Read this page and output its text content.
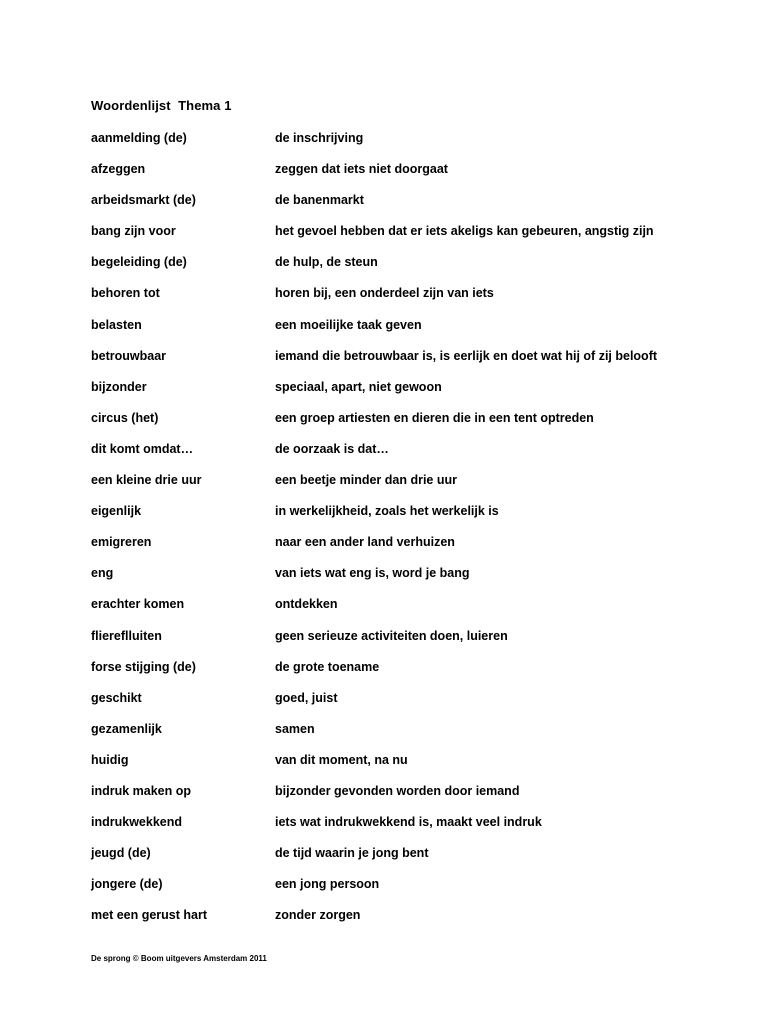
Woordenlijst  Thema 1
aanmelding (de)	de inschrijving
afzeggen	zeggen dat iets niet doorgaat
arbeidsmarkt (de)	de banenmarkt
bang zijn voor	het gevoel hebben dat er iets akeligs kan gebeuren, angstig zijn
begeleiding (de)	de hulp, de steun
behoren tot	horen bij, een onderdeel zijn van iets
belasten	een moeilijke taak geven
betrouwbaar	iemand die betrouwbaar is, is eerlijk en doet wat hij of zij belooft
bijzonder	speciaal, apart, niet gewoon
circus (het)	een groep artiesten en dieren die in een tent optreden
dit komt omdat…	de oorzaak is dat…
een kleine drie uur	een beetje minder dan drie uur
eigenlijk	in werkelijkheid, zoals het werkelijk is
emigreren	naar een ander land verhuizen
eng	van iets wat eng is, word je bang
erachter komen	ontdekken
fliereflluiten	geen serieuze activiteiten doen, luieren
forse stijging (de)	de grote toename
geschikt	goed, juist
gezamenlijk	samen
huidig	van dit moment, na nu
indruk maken op	bijzonder gevonden worden door iemand
indrukwekkend	iets wat indrukwekkend is, maakt veel indruk
jeugd (de)	de tijd waarin je jong bent
jongere (de)	een jong persoon
met een gerust hart	zonder zorgen
De sprong © Boom uitgevers Amsterdam 2011
